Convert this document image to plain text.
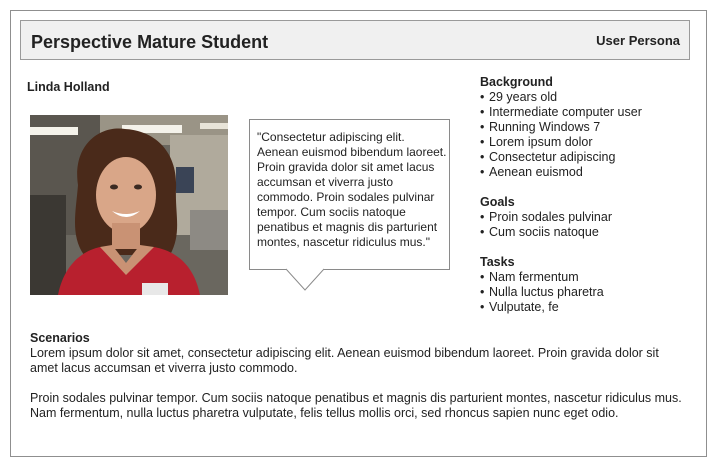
Perspective Mature Student	User Persona
Linda Holland
"Consectetur adipiscing elit. Aenean euismod bibendum laoreet. Proin gravida dolor sit amet lacus accumsan et viverra justo commodo. Proin sodales pulvinar tempor. Cum sociis natoque penatibus et magnis dis parturient montes, nascetur ridiculus mus."
Background
• 29 years old
• Intermediate computer user
• Running Windows 7
• Lorem ipsum dolor
• Consectetur adipiscing
• Aenean euismod
Goals
• Proin sodales pulvinar
• Cum sociis natoque
Tasks
• Nam fermentum
• Nulla luctus pharetra
• Vulputate, fe
Scenarios

Lorem ipsum dolor sit amet, consectetur adipiscing elit. Aenean euismod bibendum laoreet. Proin gravida dolor sit amet lacus accumsan et viverra justo commodo.

Proin sodales pulvinar tempor. Cum sociis natoque penatibus et magnis dis parturient montes, nascetur ridiculus mus. Nam fermentum, nulla luctus pharetra vulputate, felis tellus mollis orci, sed rhoncus sapien nunc eget odio.
